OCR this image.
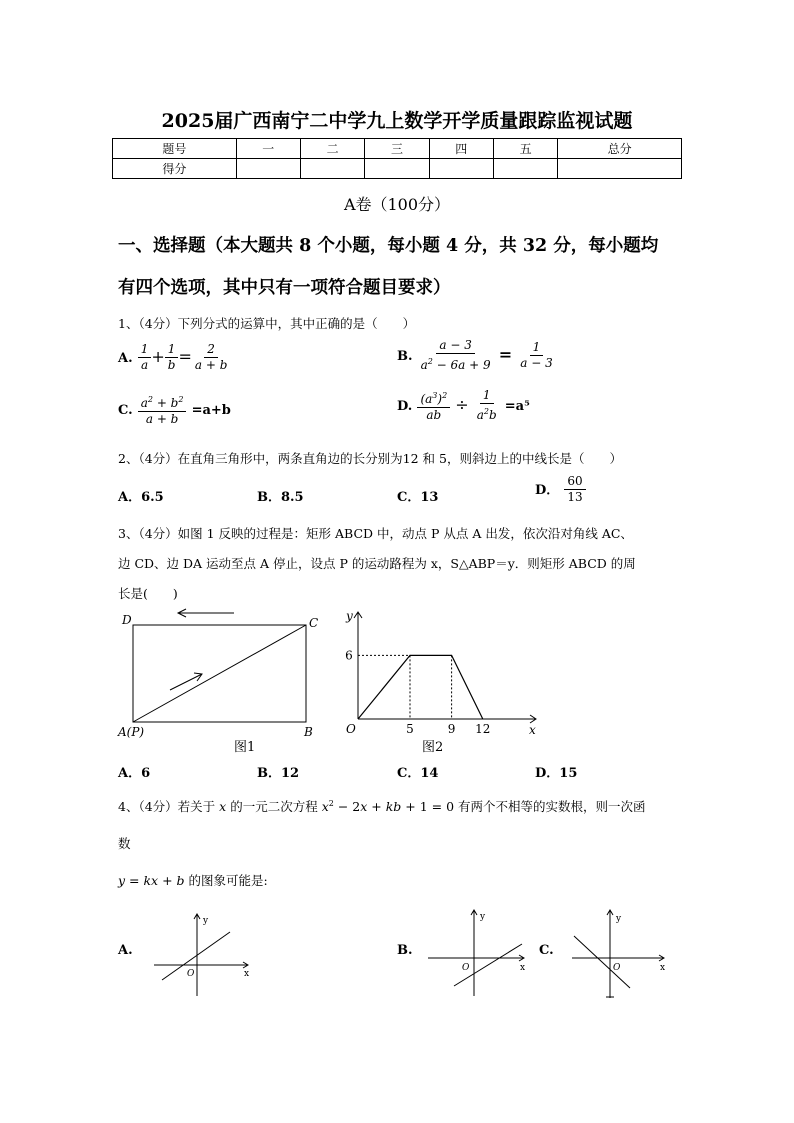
2025届广西南宁二中学九上数学开学质量跟踪监视试题
题号	一	二	三	四	五	总分
得分						
A卷（100分）
一、选择题（本大题共 8 个小题，每小题 4 分，共 32 分，每小题均
有四个选项，其中只有一项符合题目要求）
1、（4分）下列分式的运算中，其中正确的是（　　）
A. $\frac{1}{a} + \frac{1}{b} = \frac{2}{a + b}$	B. $\frac{a - 3}{a^2 - 6a + 9} = \frac{1}{a - 3}$
C. $\frac{a^2 + b^2}{a + b} =a+b$	D. $\frac{(a^3)^2}{ab} \div \frac{1}{a^2b} =a^5$
2、（4分）在直角三角形中，两条直角边的长分别为12 和 5，则斜边上的中线长是（　　）
A．6.5	B．8.5	C．13	D． $\frac{60}{13}$
3、（4分）如图 1 反映的过程是：矩形 ABCD 中，动点 P 从点 A 出发，依次沿对角线 AC、
边 CD、边 DA 运动至点 A 停止，设点 P 的运动路程为 x，S△ABP＝y．则矩形 ABCD 的周
长是(　　)
D	C
A(P)	B
图1
5	9 12
6
y
x
O
图2
A．6	B．12	C．14	D．15
4、（4分）若关于 x 的一元二次方程 $x^2 - 2x$ + kb + 1 = 0 有两个不相等的实数根，则一次函
数
y = kx + b 的图象可能是:
A.
y
x
O
B.
y
x
O
C.
y
x
O
